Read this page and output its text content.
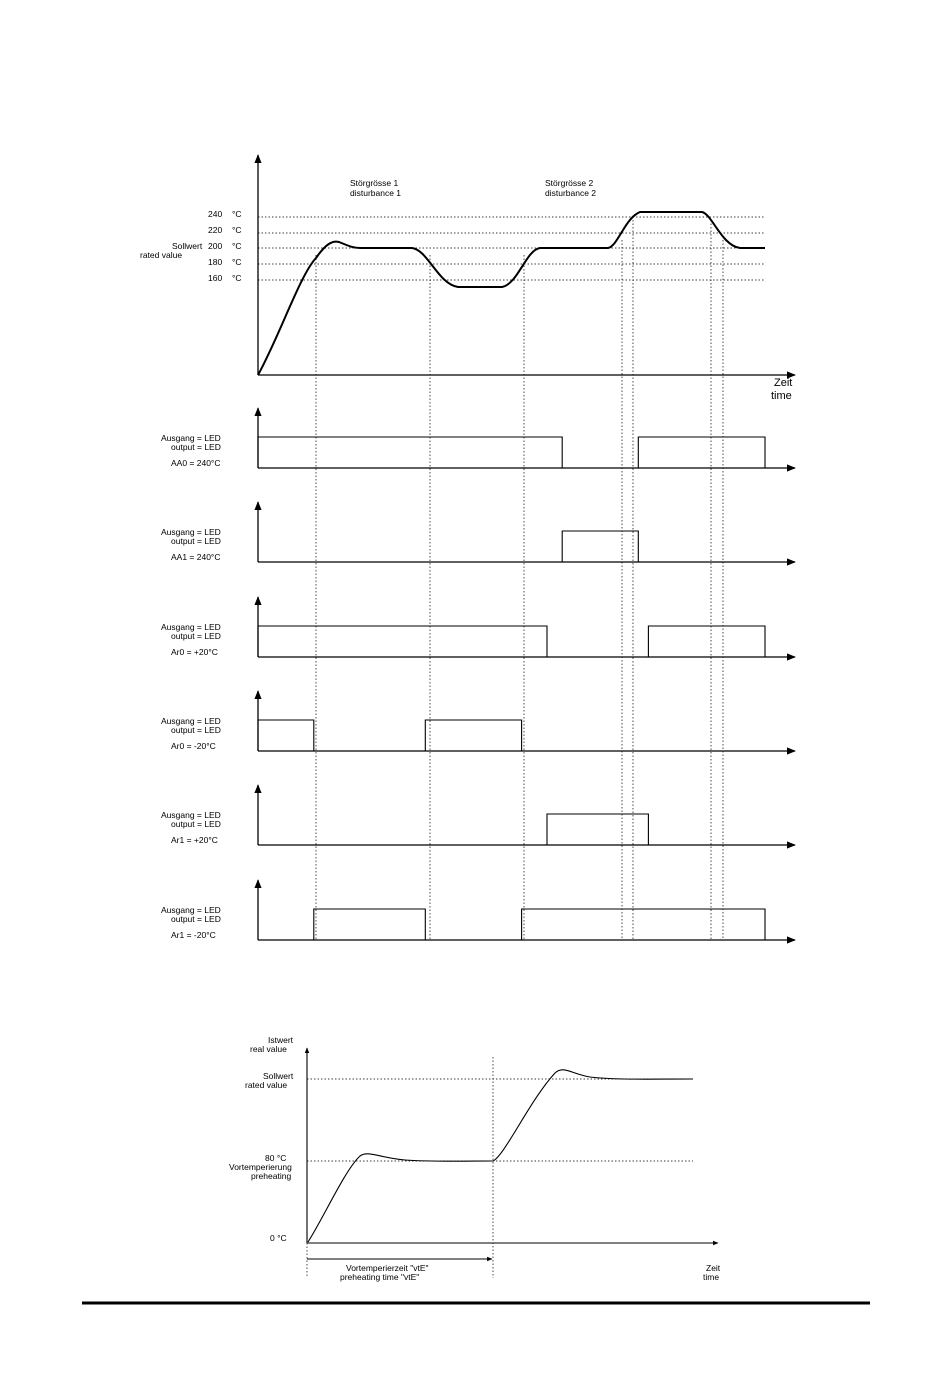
Störgrösse 1
disturbance 1
Störgrösse 2
disturbance 2
240 °C
220 °C
200 °C
180 °C
160 °C
Sollwert
rated value
Zeit
time
Ausgang = LED
output = LED
AA0 = 240°C
Ausgang = LED
output = LED
AA1 = 240°C
Ausgang = LED
output = LED
Ar0 = +20°C
Ausgang = LED
output = LED
Ar0 = -20°C
Ausgang = LED
output = LED
Ar1 = +20°C
Ausgang = LED
output = LED
Ar1 = -20°C
Istwert
real value
Sollwert
rated value
80 °C
Vortemperierung
preheating
0 °C
Vortemperierzeit "vtE"
preheating time "vtE"
Zeit
time
